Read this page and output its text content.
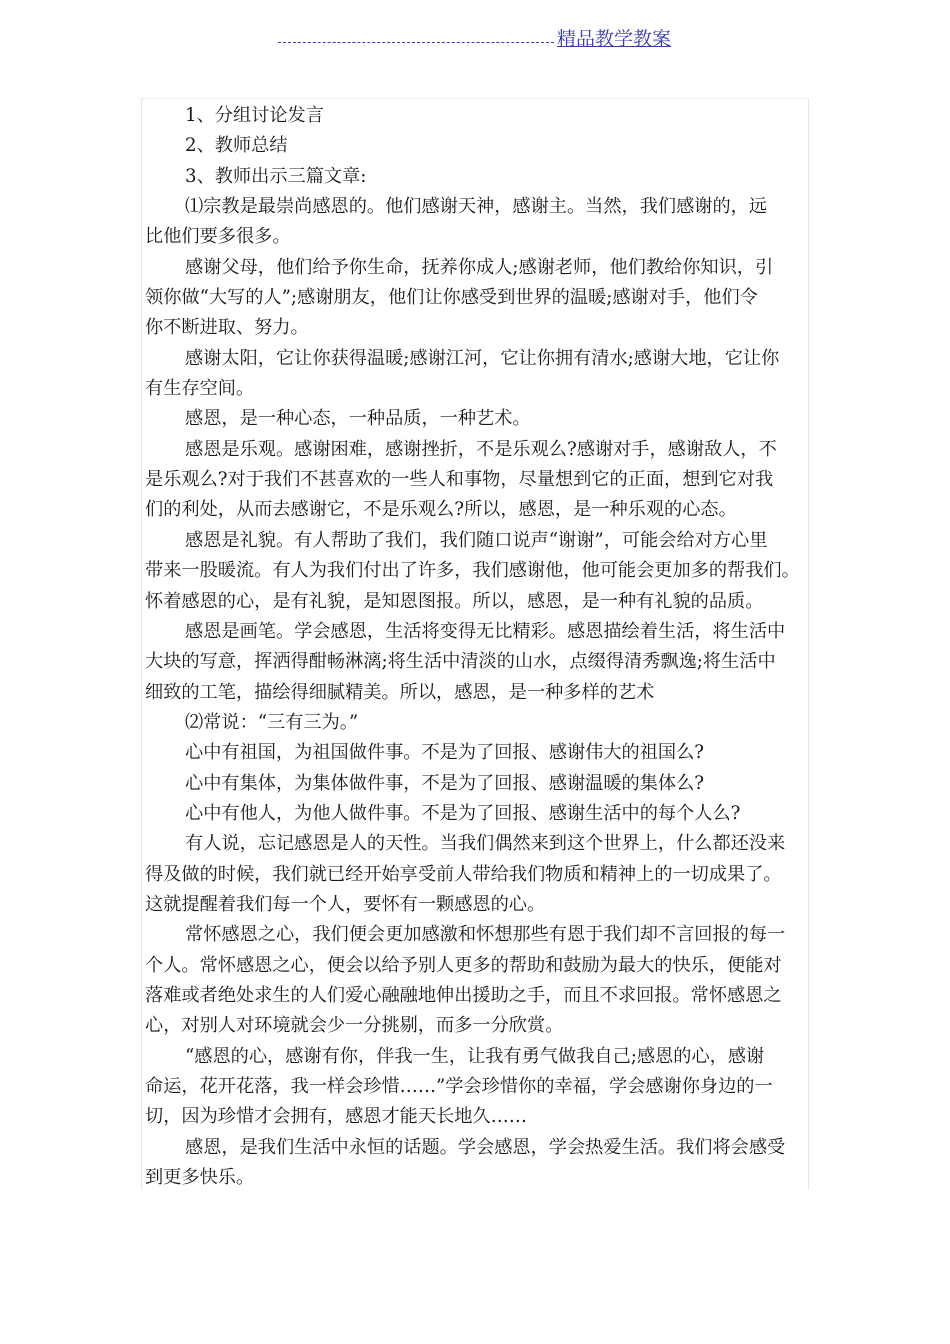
精品教学教案
1、分组讨论发言
2、教师总结
3、教师出示三篇文章:
⑴宗教是最崇尚感恩的。他们感谢天神，感谢主。当然，我们感谢的，远
比他们要多很多。
感谢父母，他们给予你生命，抚养你成人;感谢老师，他们教给你知识，引
领你做“大写的人”;感谢朋友，他们让你感受到世界的温暖;感谢对手，他们令
你不断进取、努力。
感谢太阳，它让你获得温暖;感谢江河，它让你拥有清水;感谢大地，它让你
有生存空间。
感恩，是一种心态，一种品质，一种艺术。
感恩是乐观。感谢困难，感谢挫折，不是乐观么?感谢对手，感谢敌人，不
是乐观么?对于我们不甚喜欢的一些人和事物，尽量想到它的正面，想到它对我
们的利处，从而去感谢它，不是乐观么?所以，感恩，是一种乐观的心态。
感恩是礼貌。有人帮助了我们，我们随口说声“谢谢”，可能会给对方心里
带来一股暖流。有人为我们付出了许多，我们感谢他，他可能会更加多的帮我们。
怀着感恩的心，是有礼貌，是知恩图报。所以，感恩，是一种有礼貌的品质。
感恩是画笔。学会感恩，生活将变得无比精彩。感恩描绘着生活，将生活中
大块的写意，挥洒得酣畅淋漓;将生活中清淡的山水，点缀得清秀飘逸;将生活中
细致的工笔，描绘得细腻精美。所以，感恩，是一种多样的艺术
⑵常说：“三有三为。”
心中有祖国，为祖国做件事。不是为了回报、感谢伟大的祖国么?
心中有集体，为集体做件事，不是为了回报、感谢温暖的集体么?
心中有他人，为他人做件事。不是为了回报、感谢生活中的每个人么?
有人说，忘记感恩是人的天性。当我们偶然来到这个世界上，什么都还没来
得及做的时候，我们就已经开始享受前人带给我们物质和精神上的一切成果了。
这就提醒着我们每一个人，要怀有一颗感恩的心。
常怀感恩之心，我们便会更加感激和怀想那些有恩于我们却不言回报的每一
个人。常怀感恩之心，便会以给予别人更多的帮助和鼓励为最大的快乐，便能对
落难或者绝处求生的人们爱心融融地伸出援助之手，而且不求回报。常怀感恩之
心，对别人对环境就会少一分挑剔，而多一分欣赏。
“感恩的心，感谢有你，伴我一生，让我有勇气做我自己;感恩的心，感谢
命运，花开花落，我一样会珍惜……”学会珍惜你的幸福，学会感谢你身边的一
切，因为珍惜才会拥有，感恩才能天长地久……
感恩，是我们生活中永恒的话题。学会感恩，学会热爱生活。我们将会感受
到更多快乐。
